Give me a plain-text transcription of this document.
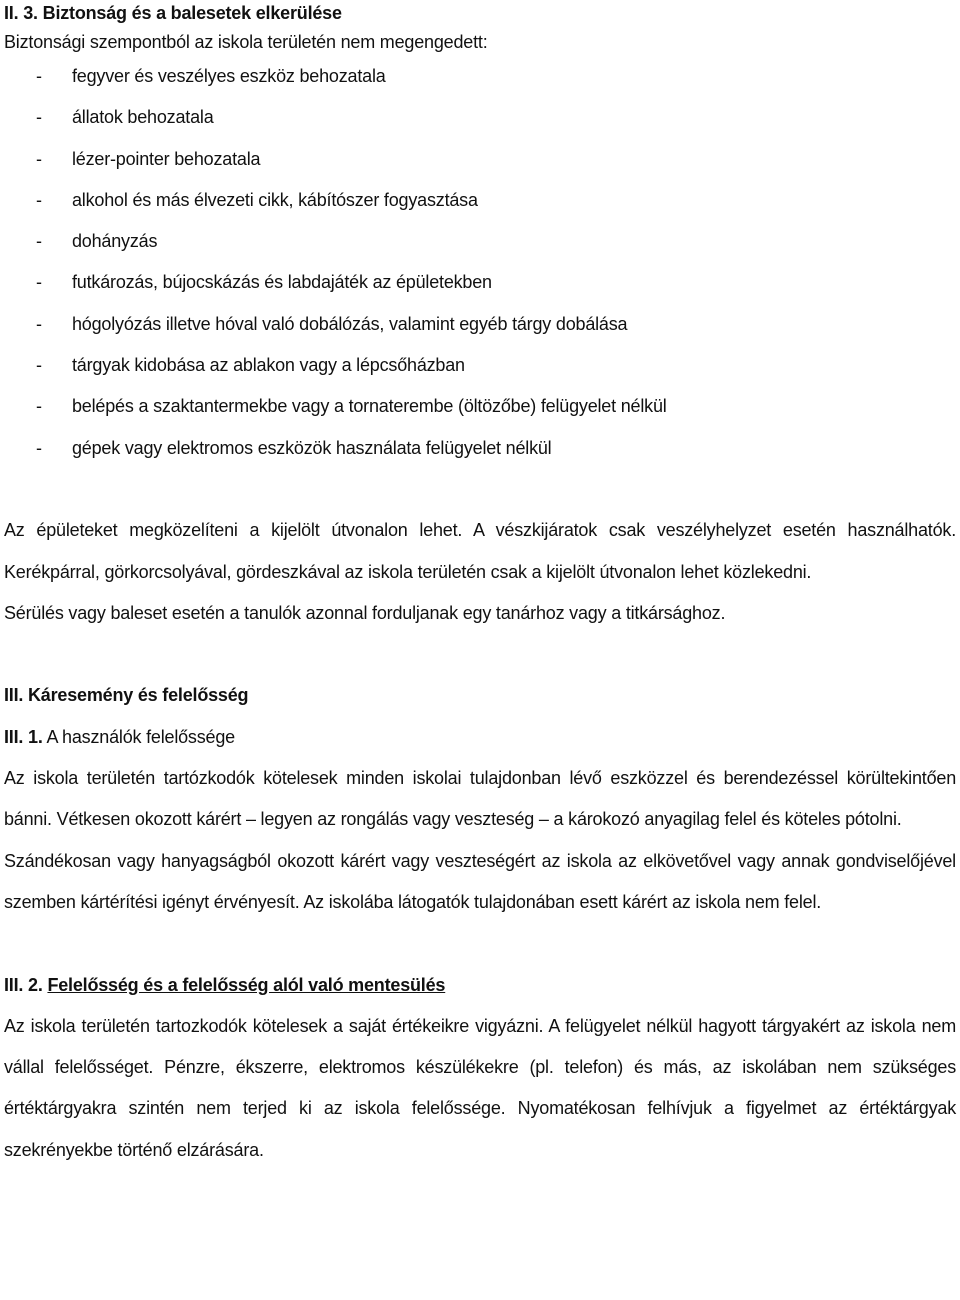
II. 3. Biztonság és a balesetek elkerülése
Biztonsági szempontból az iskola területén nem megengedett:
-	fegyver és veszélyes eszköz behozatala
-	állatok behozatala
-	lézer-pointer behozatala
-	alkohol és más élvezeti cikk, kábítószer fogyasztása
-	dohányzás
-	futkározás, bújocskázás és labdajáték az épületekben
-	hógolyózás illetve hóval való dobálózás, valamint egyéb tárgy dobálása
-	tárgyak kidobása az ablakon vagy a lépcsőházban
-	belépés a szaktantermekbe vagy a tornaterembe (öltözőbe) felügyelet nélkül
-	gépek vagy elektromos eszközök használata felügyelet nélkül

Az épületeket megközelíteni a kijelölt útvonalon lehet. A vészkijáratok csak veszélyhelyzet esetén használhatók. Kerékpárral, görkorcsolyával, gördeszkával az iskola területén csak a kijelölt útvonalon lehet közlekedni.

Sérülés vagy baleset esetén a tanulók azonnal forduljanak egy tanárhoz vagy a titkársághoz.

III. Káresemény és felelősség
III. 1. A használók felelőssége

Az iskola területén tartózkodók kötelesek minden iskolai tulajdonban lévő eszközzel és berendezéssel körültekintően bánni. Vétkesen okozott kárért – legyen az rongálás vagy veszteség – a károkozó anyagilag felel és köteles pótolni.

Szándékosan vagy hanyagságból okozott kárért vagy veszteségért az iskola az elkövetővel vagy annak gondviselőjével szemben kártérítési igényt érvényesít. Az iskolába látogatók tulajdonában esett kárért az iskola nem felel.

III. 2. Felelősség és a felelősség alól való mentesülés

Az iskola területén tartozkodók kötelesek a saját értékeikre vigyázni. A felügyelet nélkül hagyott tárgyakért az iskola nem vállal felelősséget. Pénzre, ékszerre, elektromos készülékekre (pl. telefon) és más, az iskolában nem szükséges értéktárgyakra szintén nem terjed ki az iskola felelőssége. Nyomatékosan felhívjuk a figyelmet az értéktárgyak szekrényekbe történő elzárására.
